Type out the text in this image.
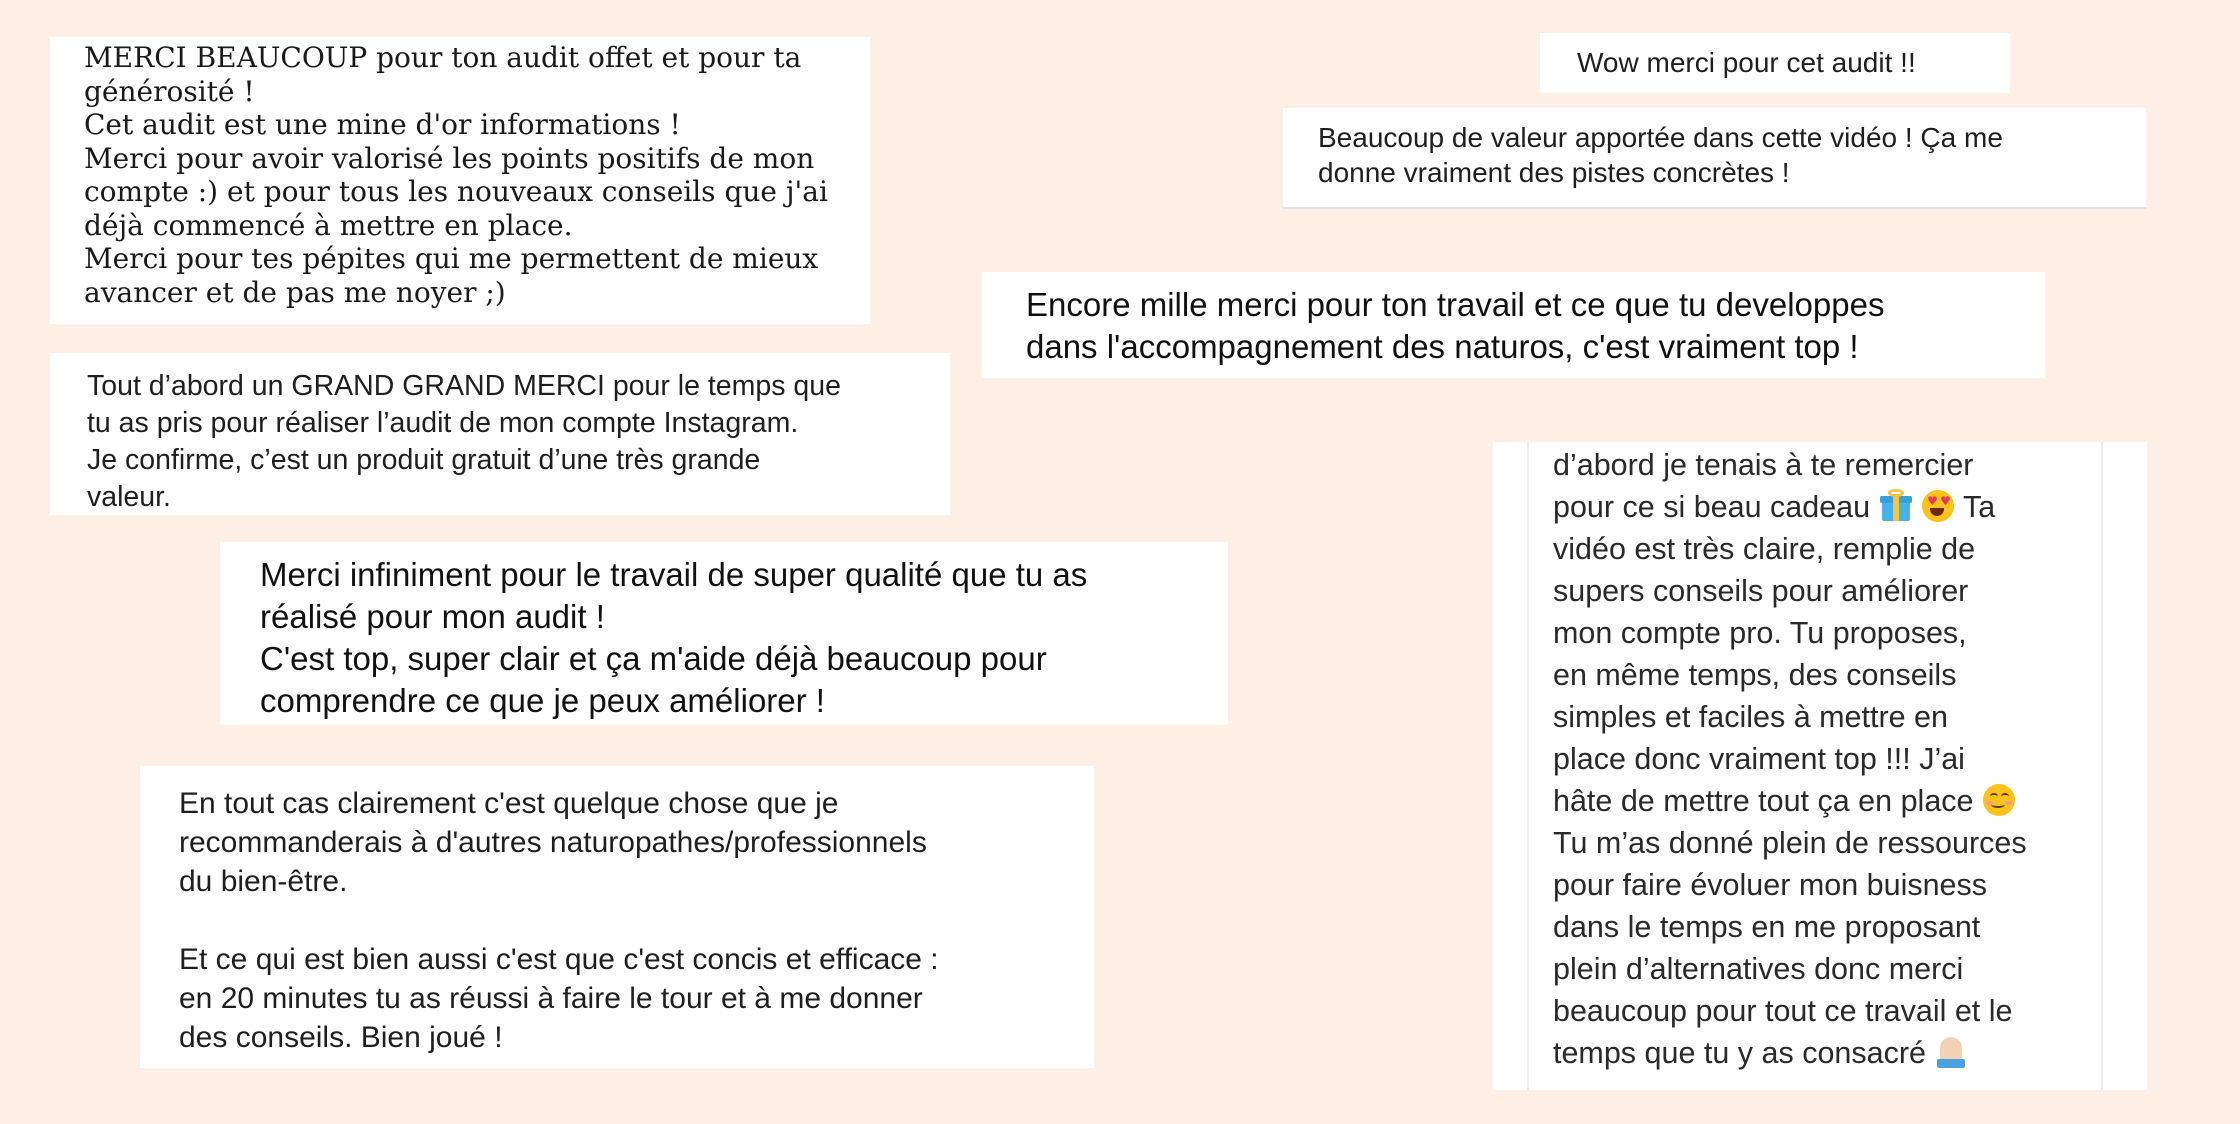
MERCI BEAUCOUP pour ton audit offet et pour ta
générosité !
Cet audit est une mine d'or informations !
Merci pour avoir valorisé les points positifs de mon
compte :) et pour tous les nouveaux conseils que j'ai
déjà commencé à mettre en place.
Merci pour tes pépites qui me permettent de mieux
avancer et de pas me noyer ;)

Tout d’abord un GRAND GRAND MERCI pour le temps que
tu as pris pour réaliser l’audit de mon compte Instagram.
Je confirme, c’est un produit gratuit d’une très grande
valeur.

Merci infiniment pour le travail de super qualité que tu as
réalisé pour mon audit !
C'est top, super clair et ça m'aide déjà beaucoup pour
comprendre ce que je peux améliorer !

En tout cas clairement c'est quelque chose que je
recommanderais à d'autres naturopathes/professionnels
du bien-être.

Et ce qui est bien aussi c'est que c'est concis et efficace :
en 20 minutes tu as réussi à faire le tour et à me donner
des conseils. Bien joué !

Wow merci pour cet audit !!

Beaucoup de valeur apportée dans cette vidéo ! Ça me
donne vraiment des pistes concrètes !

Encore mille merci pour ton travail et ce que tu developpes
dans l'accompagnement des naturos, c'est vraiment top !

d’abord je tenais à te remercier
pour ce si beau cadeau
	♥ ♥ Ta
vidéo est très claire, remplie de
supers conseils pour améliorer
mon compte pro. Tu proposes,
en même temps, des conseils
simples et faciles à mettre en
place donc vraiment top !!! J’ai
hâte de mettre tout ça en place

Tu m’as donné plein de ressources
pour faire évoluer mon buisness
dans le temps en me proposant
plein d’alternatives donc merci
beaucoup pour tout ce travail et le
temps que tu y as consacré
